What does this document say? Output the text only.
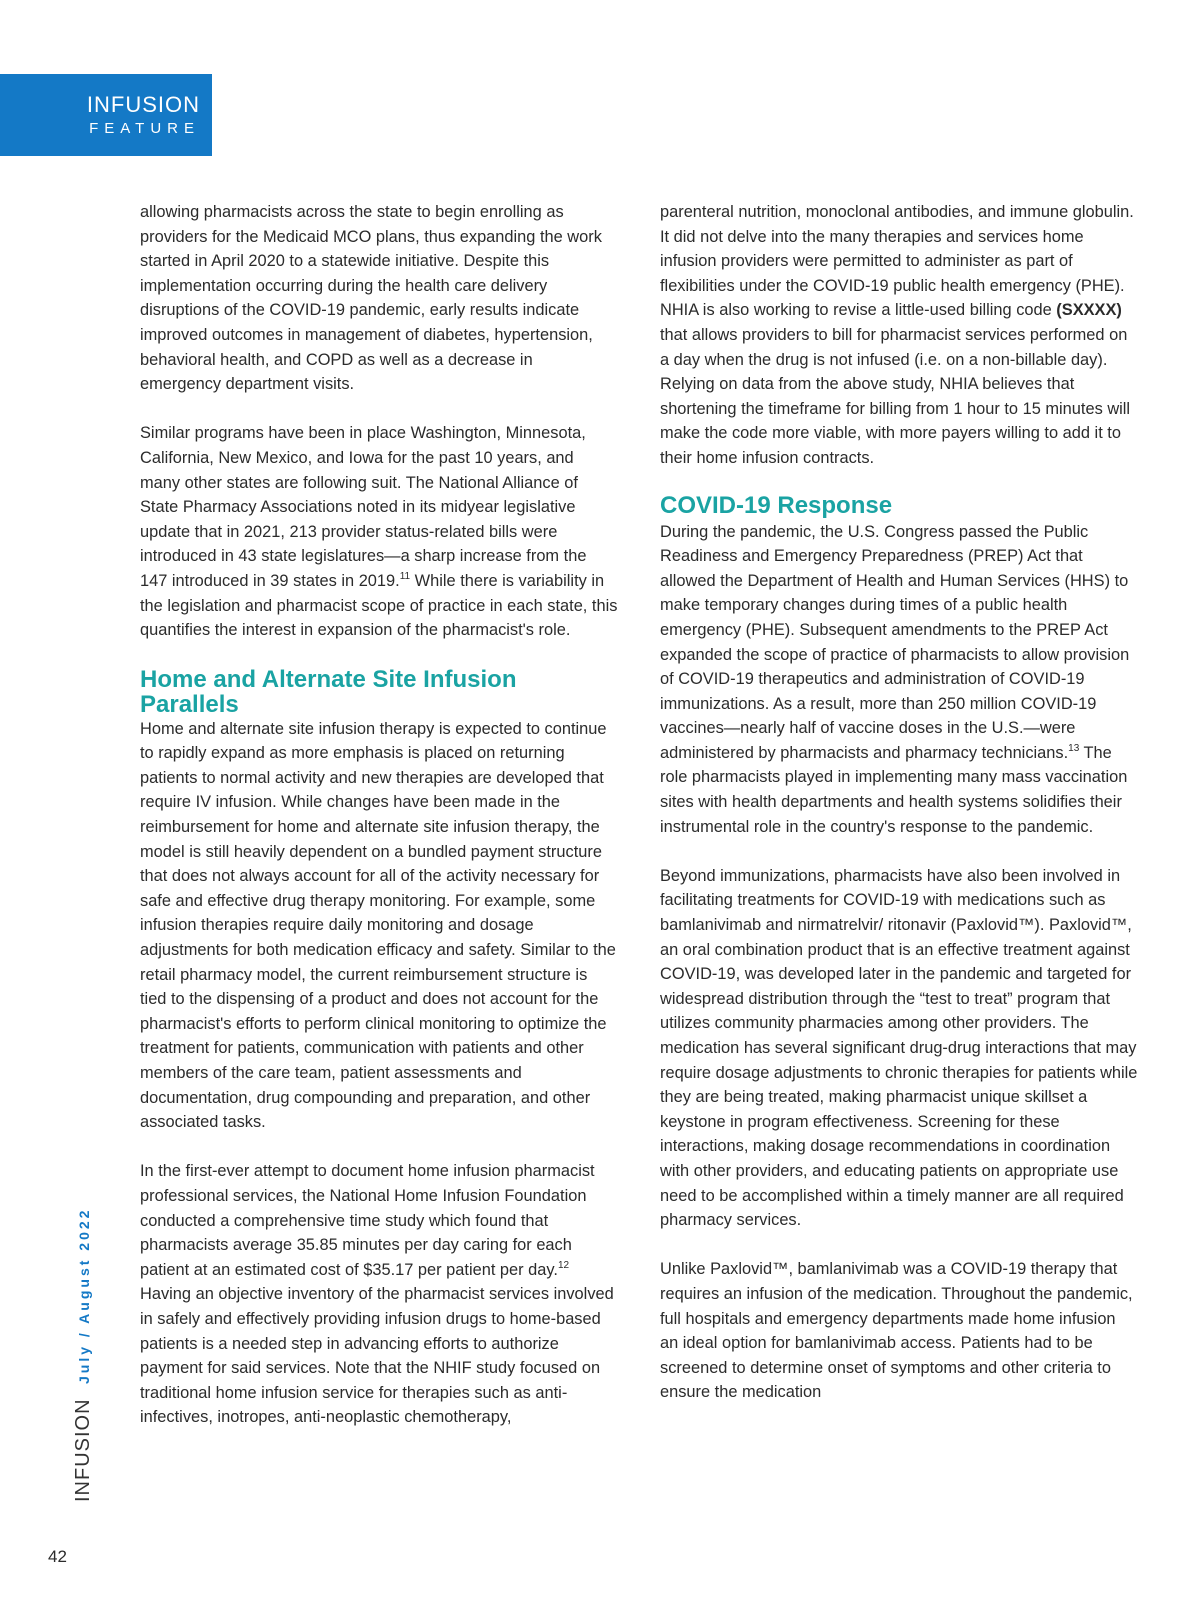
INFUSION
FEATURE

allowing pharmacists across the state to begin enrolling as providers for the Medicaid MCO plans, thus expanding the work started in April 2020 to a statewide initiative. Despite this implementation occurring during the health care delivery disruptions of the COVID-19 pandemic, early results indicate improved outcomes in management of diabetes, hypertension, behavioral health, and COPD as well as a decrease in emergency department visits.

Similar programs have been in place Washington, Minnesota, California, New Mexico, and Iowa for the past 10 years, and many other states are following suit. The National Alliance of State Pharmacy Associations noted in its midyear legislative update that in 2021, 213 provider status-related bills were introduced in 43 state legislatures—a sharp increase from the 147 introduced in 39 states in 2019.11 While there is variability in the legislation and pharmacist scope of practice in each state, this quantifies the interest in expansion of the pharmacist's role.

Home and Alternate Site Infusion Parallels

Home and alternate site infusion therapy is expected to continue to rapidly expand as more emphasis is placed on returning patients to normal activity and new therapies are developed that require IV infusion. While changes have been made in the reimbursement for home and alternate site infusion therapy, the model is still heavily dependent on a bundled payment structure that does not always account for all of the activity necessary for safe and effective drug therapy monitoring. For example, some infusion therapies require daily monitoring and dosage adjustments for both medication efficacy and safety. Similar to the retail pharmacy model, the current reimbursement structure is tied to the dispensing of a product and does not account for the pharmacist's efforts to perform clinical monitoring to optimize the treatment for patients, communication with patients and other members of the care team, patient assessments and documentation, drug compounding and preparation, and other associated tasks.

In the first-ever attempt to document home infusion pharmacist professional services, the National Home Infusion Foundation conducted a comprehensive time study which found that pharmacists average 35.85 minutes per day caring for each patient at an estimated cost of $35.17 per patient per day.$^{12}$ Having an objective inventory of the pharmacist services involved in safely and effectively providing infusion drugs to home-based patients is a needed step in advancing efforts to authorize payment for said services. Note that the NHIF study focused on traditional home infusion service for therapies such as anti-infectives, inotropes, anti-neoplastic chemotherapy,

parenteral nutrition, monoclonal antibodies, and immune globulin. It did not delve into the many therapies and services home infusion providers were permitted to administer as part of flexibilities under the COVID-19 public health emergency (PHE). NHIA is also working to revise a little-used billing code (SXXXX) that allows providers to bill for pharmacist services performed on a day when the drug is not infused (i.e. on a non-billable day). Relying on data from the above study, NHIA believes that shortening the timeframe for billing from 1 hour to 15 minutes will make the code more viable, with more payers willing to add it to their home infusion contracts.

COVID-19 Response

During the pandemic, the U.S. Congress passed the Public Readiness and Emergency Preparedness (PREP) Act that allowed the Department of Health and Human Services (HHS) to make temporary changes during times of a public health emergency (PHE). Subsequent amendments to the PREP Act expanded the scope of practice of pharmacists to allow provision of COVID-19 therapeutics and administration of COVID-19 immunizations. As a result, more than 250 million COVID-19 vaccines—nearly half of vaccine doses in the U.S.—were administered by pharmacists and pharmacy technicians.$^{13}$ The role pharmacists played in implementing many mass vaccination sites with health departments and health systems solidifies their instrumental role in the country's response to the pandemic.

Beyond immunizations, pharmacists have also been involved in facilitating treatments for COVID-19 with medications such as bamlanivimab and nirmatrelvir/ ritonavir (Paxlovid™). Paxlovid™, an oral combination product that is an effective treatment against COVID-19, was developed later in the pandemic and targeted for widespread distribution through the “test to treat” program that utilizes community pharmacies among other providers. The medication has several significant drug-drug interactions that may require dosage adjustments to chronic therapies for patients while they are being treated, making pharmacist unique skillset a keystone in program effectiveness. Screening for these interactions, making dosage recommendations in coordination with other providers, and educating patients on appropriate use need to be accomplished within a timely manner are all required pharmacy services.

Unlike Paxlovid™, bamlanivimab was a COVID-19 therapy that requires an infusion of the medication. Throughout the pandemic, full hospitals and emergency departments made home infusion an ideal option for bamlanivimab access. Patients had to be screened to determine onset of symptoms and other criteria to ensure the medication

INFUSION July / August 2022
42
